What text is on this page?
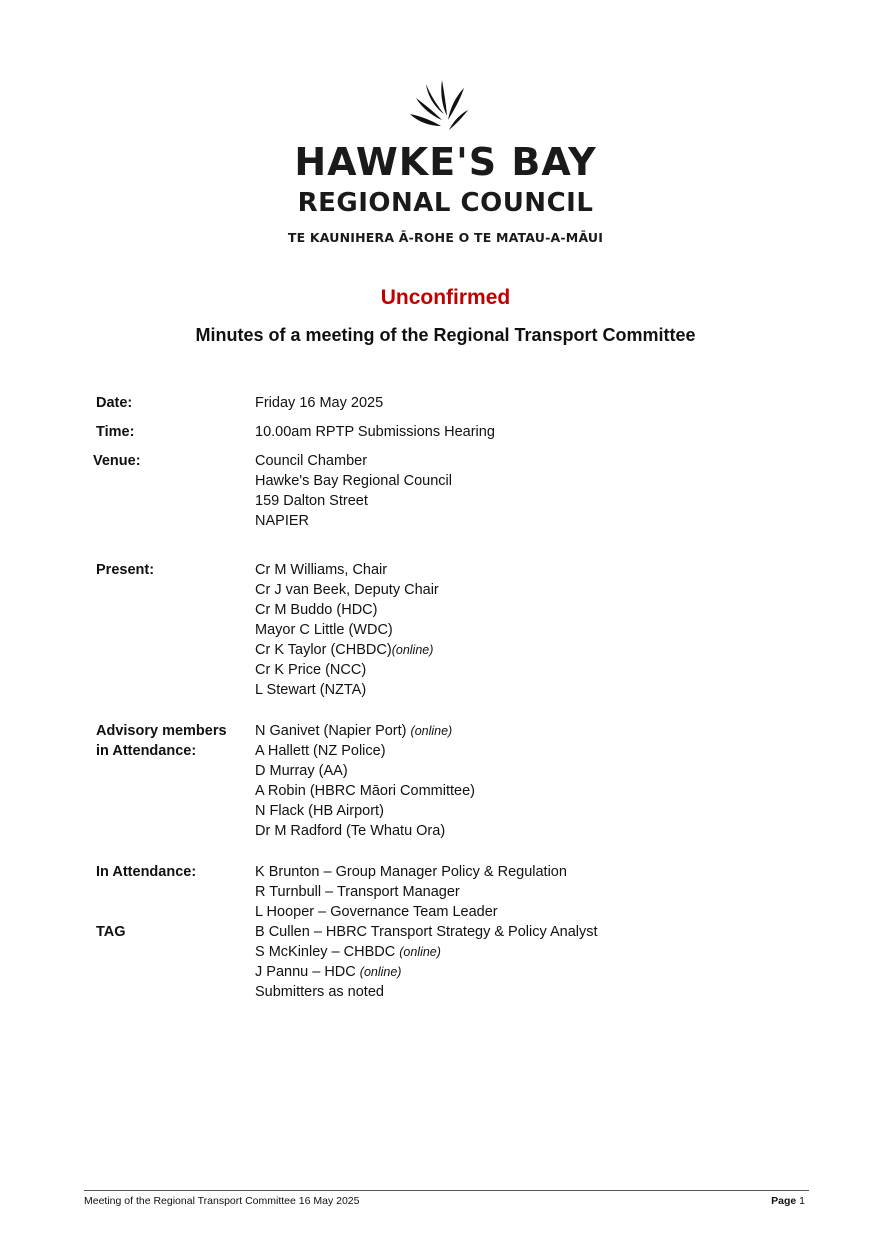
HAWKE'S BAY
REGIONAL COUNCIL
TE KAUNIHERA Ā-ROHE O TE MATAU-A-MĀUI
Unconfirmed
Minutes of a meeting of the Regional Transport Committee
Date:	Friday 16 May 2025
Time:	10.00am RPTP Submissions Hearing
Venue:	Council Chamber
Hawke's Bay Regional Council
159 Dalton Street
NAPIER
Present:	Cr M Williams, Chair
Cr J van Beek, Deputy Chair
Cr M Buddo (HDC)
Mayor C Little (WDC)
Cr K Taylor (CHBDC)(online)
Cr K Price (NCC)
L Stewart (NZTA)
Advisory members
in Attendance:
N Ganivet (Napier Port) (online)
A Hallett (NZ Police)
D Murray (AA)
A Robin (HBRC Māori Committee)
N Flack (HB Airport)
Dr M Radford (Te Whatu Ora)
In Attendance:	K Brunton – Group Manager Policy & Regulation
R Turnbull – Transport Manager
L Hooper – Governance Team Leader
TAG	B Cullen – HBRC Transport Strategy & Policy Analyst
S McKinley – CHBDC (online)
J Pannu – HDC (online)
Submitters as noted
Meeting of the Regional Transport Committee 16 May 2025	Page 1
